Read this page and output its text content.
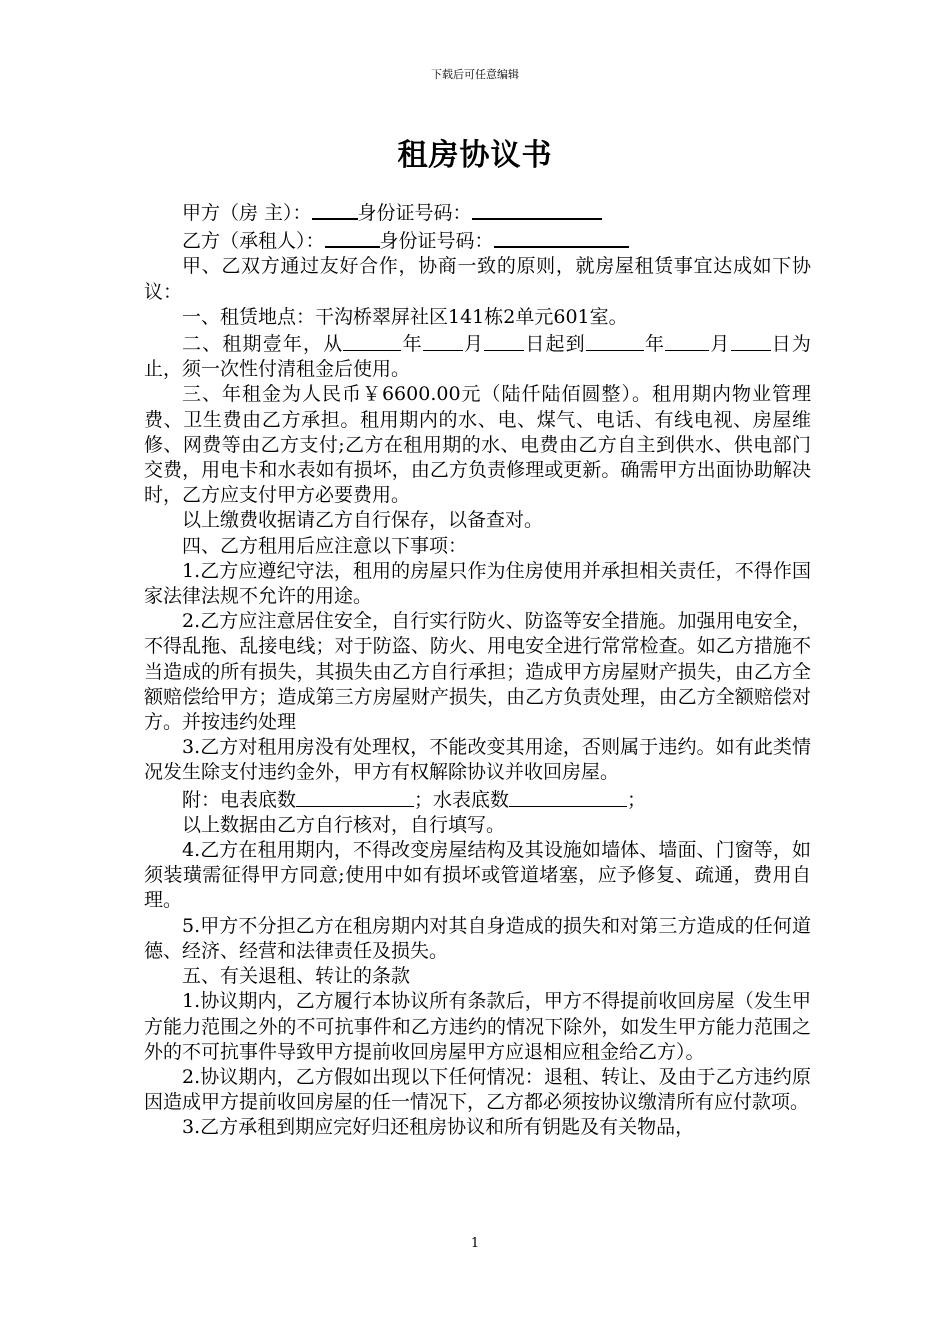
下载后可任意编辑
租房协议书

甲方（房 主）： 身份证号码：

乙方（承租人）：	身份证号码：

甲、乙双方通过友好合作，协商一致的原则，就房屋租赁事宜达成如下协议：

一、租赁地点：干沟桥翠屏社区141栋2单元601室。

二、租期壹年，从	年 月 日起到	年 月 日为止，须一次性付清租金后使用。

三、年租金为人民币￥6600.00元（陆仟陆佰圆整）。租用期内物业管理费、卫生费由乙方承担。租用期内的水、电、煤气、电话、有线电视、房屋维修、网费等由乙方支付;乙方在租用期的水、电费由乙方自主到供水、供电部门交费，用电卡和水表如有损坏，由乙方负责修理或更新。确需甲方出面协助解决时，乙方应支付甲方必要费用。

以上缴费收据请乙方自行保存，以备查对。

四、乙方租用后应注意以下事项：

1.乙方应遵纪守法，租用的房屋只作为住房使用并承担相关责任，不得作国家法律法规不允许的用途。

2.乙方应注意居住安全，自行实行防火、防盗等安全措施。加强用电安全，不得乱拖、乱接电线；对于防盗、防火、用电安全进行常常检查。如乙方措施不当造成的所有损失，其损失由乙方自行承担；造成甲方房屋财产损失，由乙方全额赔偿给甲方；造成第三方房屋财产损失，由乙方负责处理，由乙方全额赔偿对方。并按违约处理

3.乙方对租用房没有处理权，不能改变其用途，否则属于违约。如有此类情况发生除支付违约金外，甲方有权解除协议并收回房屋。

附：电表底数	；水表底数	；

以上数据由乙方自行核对，自行填写。

4.乙方在租用期内，不得改变房屋结构及其设施如墙体、墙面、门窗等，如须装璜需征得甲方同意;使用中如有损坏或管道堵塞，应予修复、疏通，费用自理。

5.甲方不分担乙方在租房期内对其自身造成的损失和对第三方造成的任何道德、经济、经营和法律责任及损失。

五、有关退租、转让的条款

1.协议期内，乙方履行本协议所有条款后，甲方不得提前收回房屋（发生甲方能力范围之外的不可抗事件和乙方违约的情况下除外，如发生甲方能力范围之外的不可抗事件导致甲方提前收回房屋甲方应退相应租金给乙方）。

2.协议期内，乙方假如出现以下任何情况：退租、转让、及由于乙方违约原因造成甲方提前收回房屋的任一情况下，乙方都必须按协议缴清所有应付款项。

3.乙方承租到期应完好归还租房协议和所有钥匙及有关物品，

1
